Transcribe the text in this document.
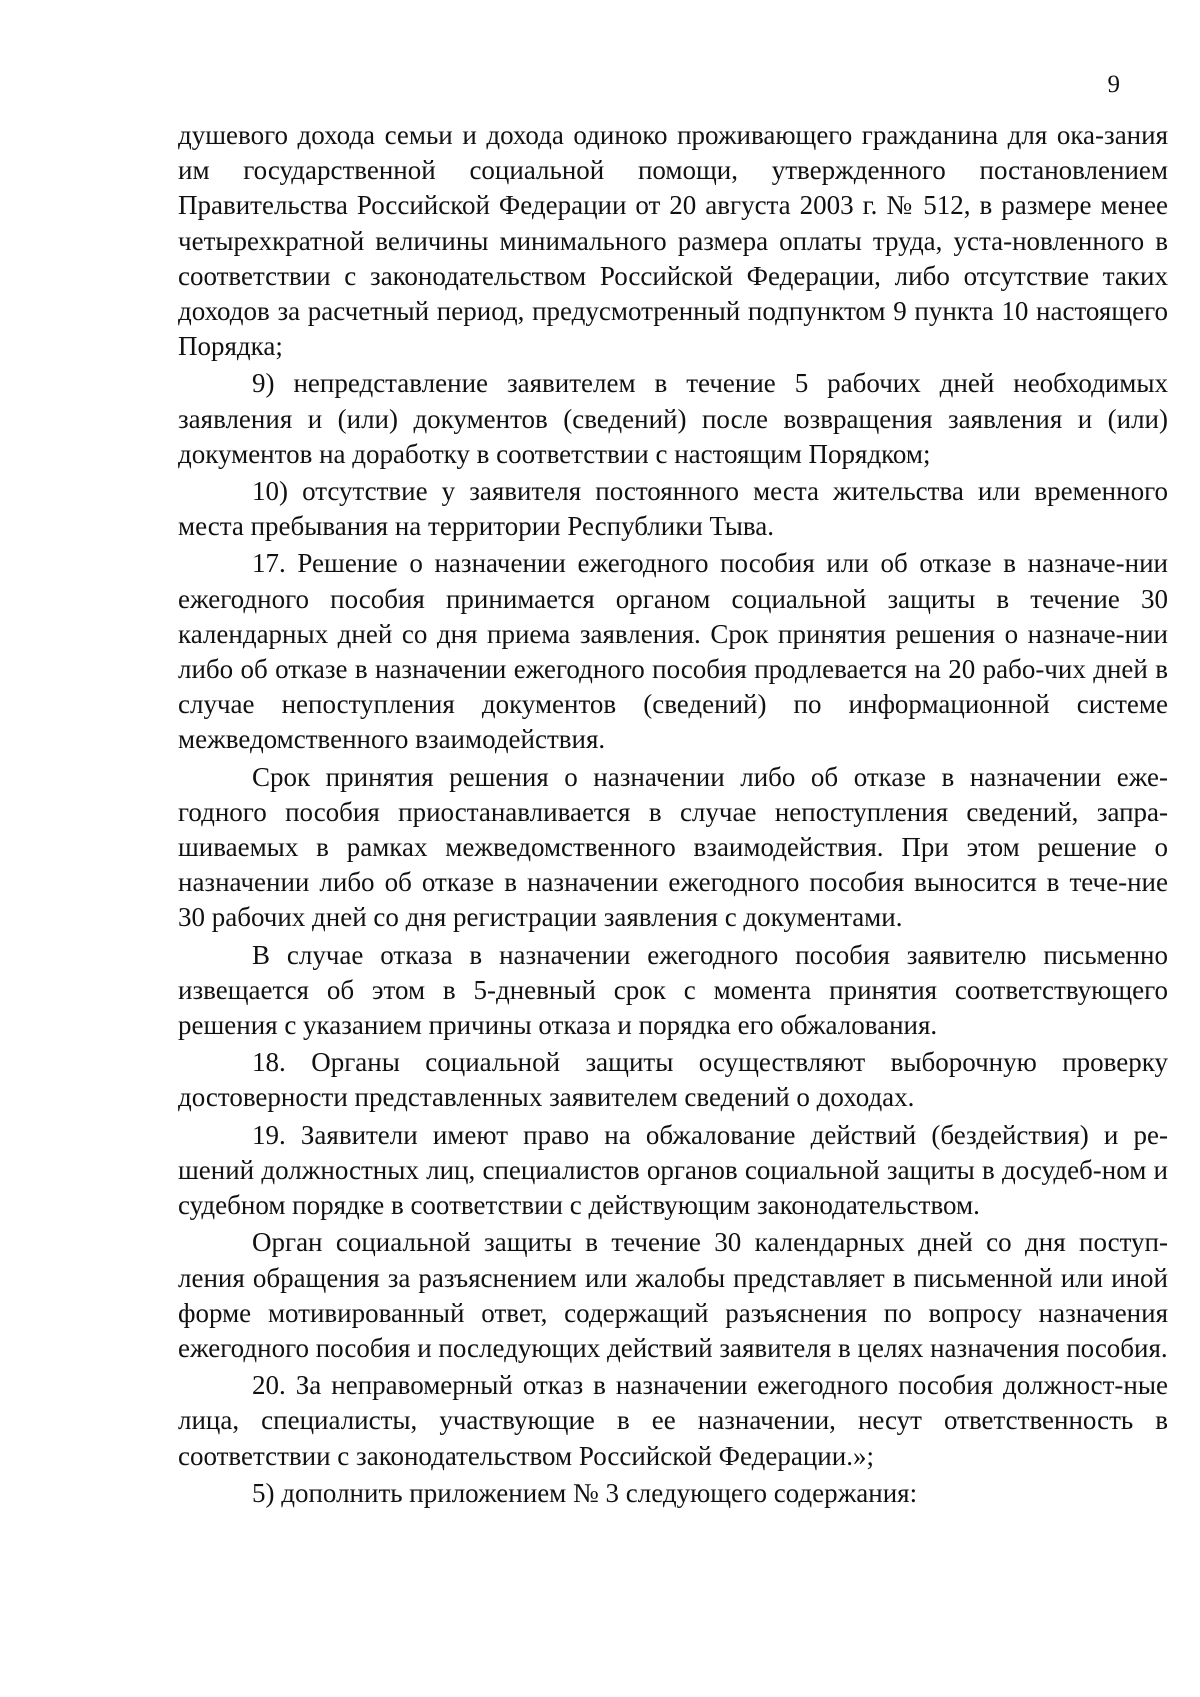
9

душевого дохода семьи и дохода одиноко проживающего гражданина для ока-зания им государственной социальной помощи, утвержденного постановлением Правительства Российской Федерации от 20 августа 2003 г. № 512, в размере менее четырехкратной величины минимального размера оплаты труда, уста-новленного в соответствии с законодательством Российской Федерации, либо отсутствие таких доходов за расчетный период, предусмотренный подпунктом 9 пункта 10 настоящего Порядка;

9) непредставление заявителем в течение 5 рабочих дней необходимых заявления и (или) документов (сведений) после возвращения заявления и (или) документов на доработку в соответствии с настоящим Порядком;

10) отсутствие у заявителя постоянного места жительства или временного места пребывания на территории Республики Тыва.

17. Решение о назначении ежегодного пособия или об отказе в назначе-нии ежегодного пособия принимается органом социальной защиты в течение 30 календарных дней со дня приема заявления. Срок принятия решения о назначе-нии либо об отказе в назначении ежегодного пособия продлевается на 20 рабо-чих дней в случае непоступления документов (сведений) по информационной системе межведомственного взаимодействия.

Срок принятия решения о назначении либо об отказе в назначении еже-годного пособия приостанавливается в случае непоступления сведений, запра-шиваемых в рамках межведомственного взаимодействия. При этом решение о назначении либо об отказе в назначении ежегодного пособия выносится в тече-ние 30 рабочих дней со дня регистрации заявления с документами.

В случае отказа в назначении ежегодного пособия заявителю письменно извещается об этом в 5-дневный срок с момента принятия соответствующего решения с указанием причины отказа и порядка его обжалования.

18. Органы социальной защиты осуществляют выборочную проверку достоверности представленных заявителем сведений о доходах.

19. Заявители имеют право на обжалование действий (бездействия) и ре-шений должностных лиц, специалистов органов социальной защиты в досудеб-ном и судебном порядке в соответствии с действующим законодательством.

Орган социальной защиты в течение 30 календарных дней со дня поступ-ления обращения за разъяснением или жалобы представляет в письменной или иной форме мотивированный ответ, содержащий разъяснения по вопросу назначения ежегодного пособия и последующих действий заявителя в целях назначения пособия.

20. За неправомерный отказ в назначении ежегодного пособия должност-ные лица, специалисты, участвующие в ее назначении, несут ответственность в соответствии с законодательством Российской Федерации.»;

5) дополнить приложением № 3 следующего содержания:
